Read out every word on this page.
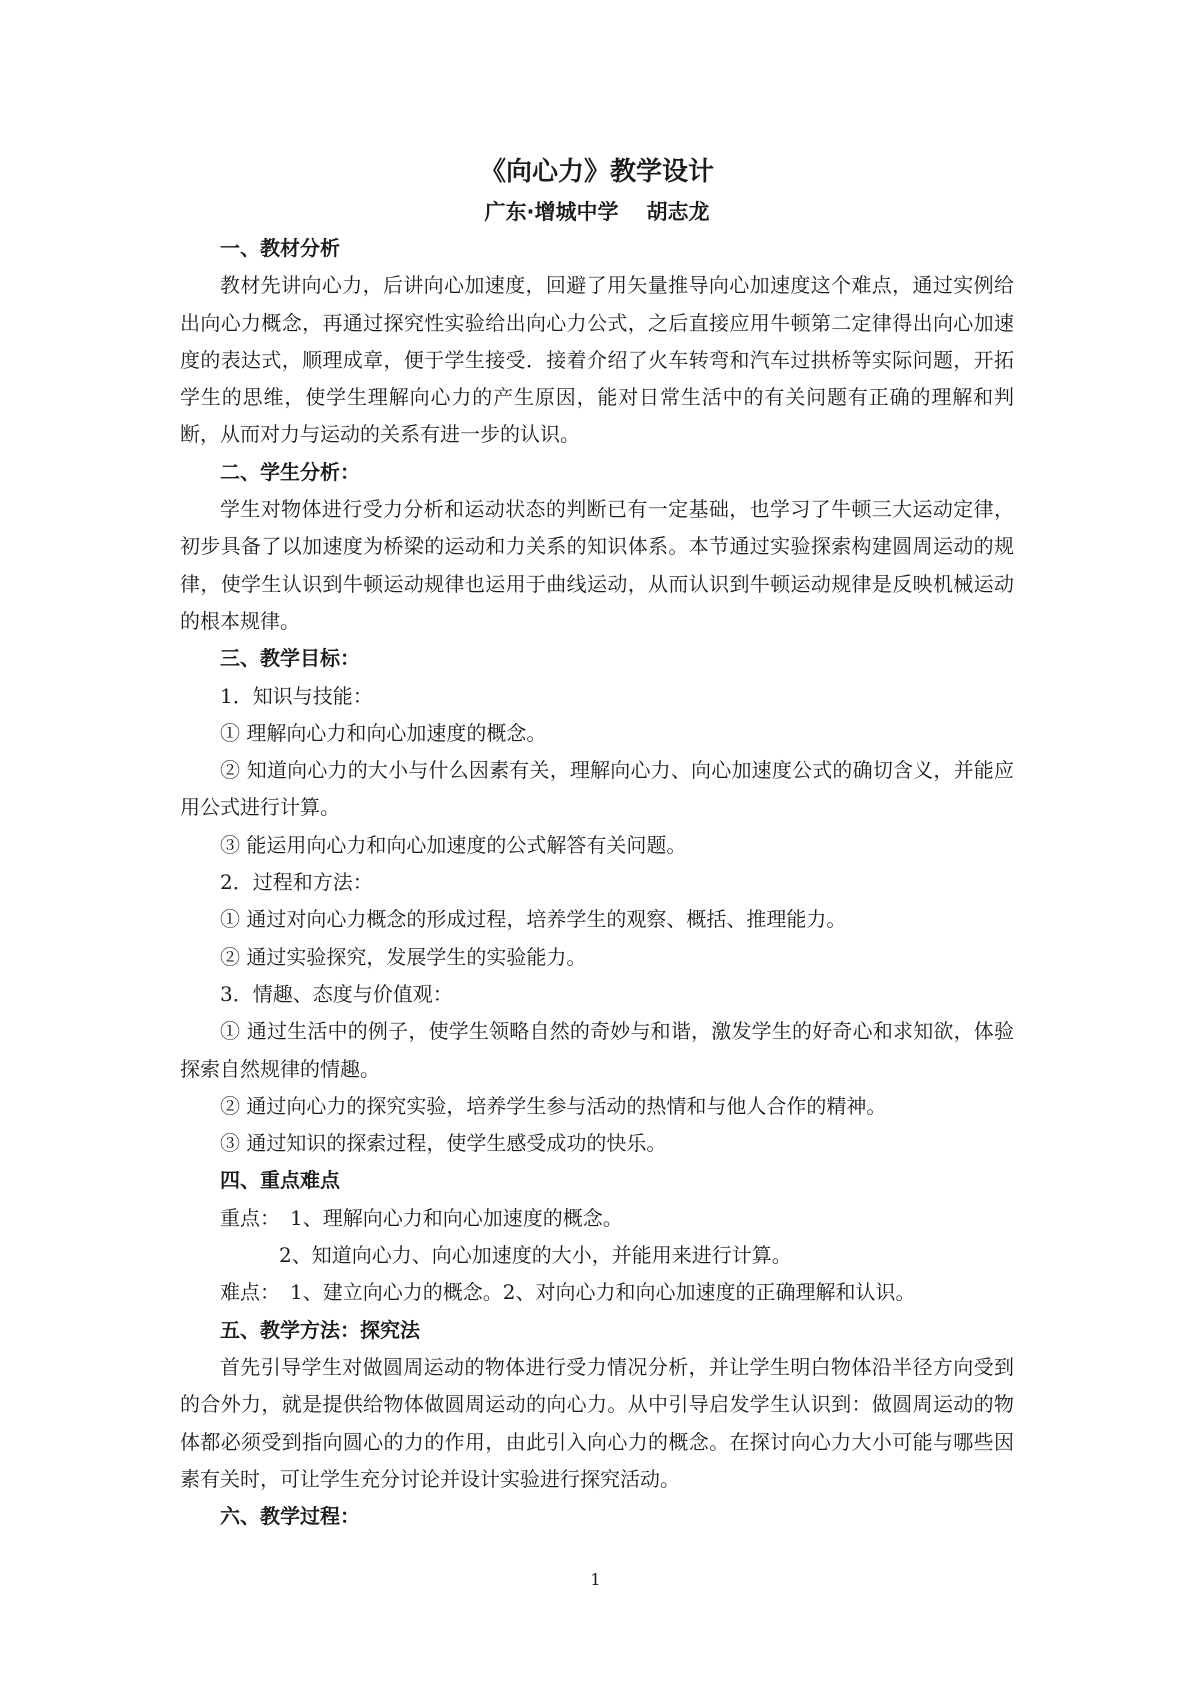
《向心力》教学设计
广东·增城中学 胡志龙

一、教材分析

教材先讲向心力，后讲向心加速度，回避了用矢量推导向心加速度这个难点，通过实例给出向心力概念，再通过探究性实验给出向心力公式，之后直接应用牛顿第二定律得出向心加速度的表达式，顺理成章，便于学生接受．接着介绍了火车转弯和汽车过拱桥等实际问题，开拓学生的思维，使学生理解向心力的产生原因，能对日常生活中的有关问题有正确的理解和判断，从而对力与运动的关系有进一步的认识。

二、学生分析：

学生对物体进行受力分析和运动状态的判断已有一定基础，也学习了牛顿三大运动定律，初步具备了以加速度为桥梁的运动和力关系的知识体系。本节通过实验探索构建圆周运动的规律，使学生认识到牛顿运动规律也运用于曲线运动，从而认识到牛顿运动规律是反映机械运动的根本规律。

三、教学目标：

1．知识与技能：

① 理解向心力和向心加速度的概念。

② 知道向心力的大小与什么因素有关，理解向心力、向心加速度公式的确切含义，并能应用公式进行计算。

③ 能运用向心力和向心加速度的公式解答有关问题。

2．过程和方法：

① 通过对向心力概念的形成过程，培养学生的观察、概括、推理能力。

② 通过实验探究，发展学生的实验能力。

3．情趣、态度与价值观：

① 通过生活中的例子，使学生领略自然的奇妙与和谐，激发学生的好奇心和求知欲，体验探索自然规律的情趣。

② 通过向心力的探究实验，培养学生参与活动的热情和与他人合作的精神。

③ 通过知识的探索过程，使学生感受成功的快乐。

四、重点难点

重点：　1、理解向心力和向心加速度的概念。

2、知道向心力、向心加速度的大小，并能用来进行计算。

难点：　1、建立向心力的概念。2、对向心力和向心加速度的正确理解和认识。

五、教学方法：探究法

首先引导学生对做圆周运动的物体进行受力情况分析，并让学生明白物体沿半径方向受到的合外力，就是提供给物体做圆周运动的向心力。从中引导启发学生认识到：做圆周运动的物体都必须受到指向圆心的力的作用，由此引入向心力的概念。在探讨向心力大小可能与哪些因素有关时，可让学生充分讨论并设计实验进行探究活动。

六、教学过程：

1
